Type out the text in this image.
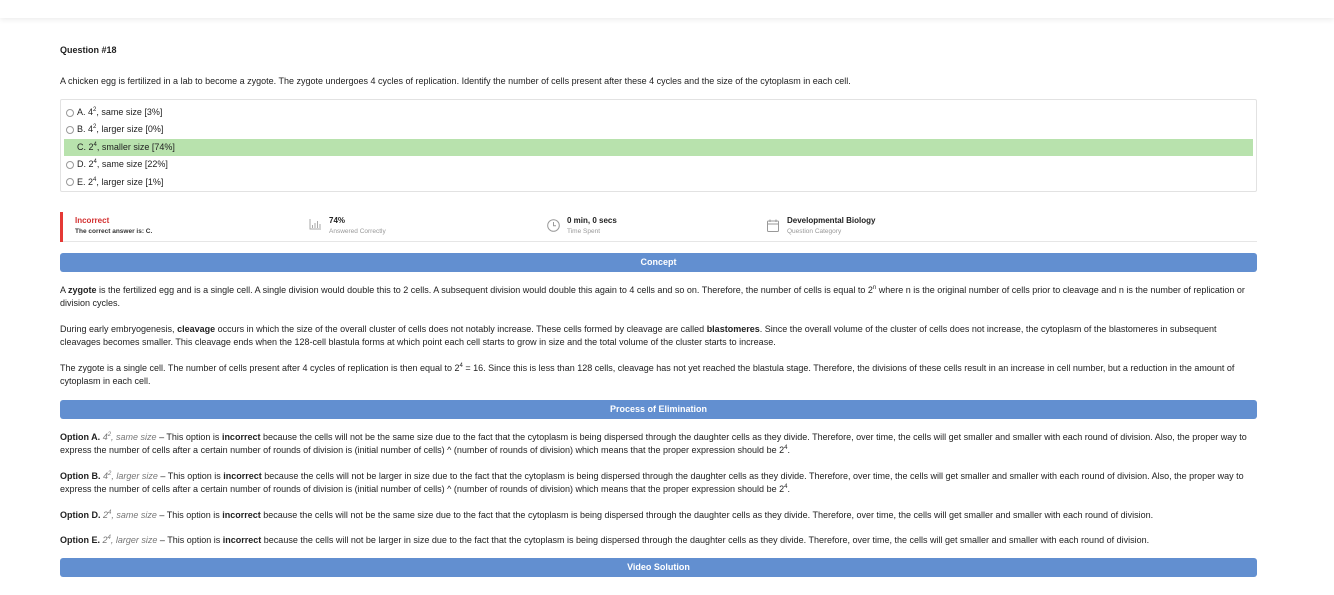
Question #18
A chicken egg is fertilized in a lab to become a zygote. The zygote undergoes 4 cycles of replication. Identify the number of cells present after these 4 cycles and the size of the cytoplasm in each cell.
A. $4^2$, same size [3%]
B. $4^2$, larger size [0%]
C. $2^4$, smaller size [74%]
D. $2^4$, same size [22%]
E. $2^4$, larger size [1%]
Incorrect
The correct answer is: C.
74%
Answered Correctly
0 min, 0 secs
Time Spent
Developmental Biology
Question Category
Concept
A zygote is the fertilized egg and is a single cell. A single division would double this to 2 cells. A subsequent division would double this again to 4 cells and so on. Therefore, the number of cells is equal to 2$^n$ where n is the original number of cells prior to cleavage and n is the number of replication or division cycles.
During early embryogenesis, cleavage occurs in which the size of the overall cluster of cells does not notably increase. These cells formed by cleavage are called blastomeres. Since the overall volume of the cluster of cells does not increase, the cytoplasm of the blastomeres in subsequent cleavages becomes smaller. This cleavage ends when the 128-cell blastula forms at which point each cell starts to grow in size and the total volume of the cluster starts to increase.
The zygote is a single cell. The number of cells present after 4 cycles of replication is then equal to $2^4 = 16$. Since this is less than 128 cells, cleavage has not yet reached the blastula stage. Therefore, the divisions of these cells result in an increase in cell number, but a reduction in the amount of cytoplasm in each cell.
Process of Elimination
Option A. $4^2$, same size – This option is incorrect because the cells will not be the same size due to the fact that the cytoplasm is being dispersed through the daughter cells as they divide. Therefore, over time, the cells will get smaller and smaller with each round of division. Also, the proper way to express the number of cells after a certain number of rounds of division is (initial number of cells) ^ (number of rounds of division) which means that the proper expression should be $2^4$.
Option B. $4^2$, larger size – This option is incorrect because the cells will not be larger in size due to the fact that the cytoplasm is being dispersed through the daughter cells as they divide. Therefore, over time, the cells will get smaller and smaller with each round of division. Also, the proper way to express the number of cells after a certain number of rounds of division is (initial number of cells) ^ (number of rounds of division) which means that the proper expression should be $2^4$.
Option D. $2^4$, same size – This option is incorrect because the cells will not be the same size due to the fact that the cytoplasm is being dispersed through the daughter cells as they divide. Therefore, over time, the cells will get smaller and smaller with each round of division.
Option E. $2^4$, larger size – This option is incorrect because the cells will not be larger in size due to the fact that the cytoplasm is being dispersed through the daughter cells as they divide. Therefore, over time, the cells will get smaller and smaller with each round of division.
Video Solution
